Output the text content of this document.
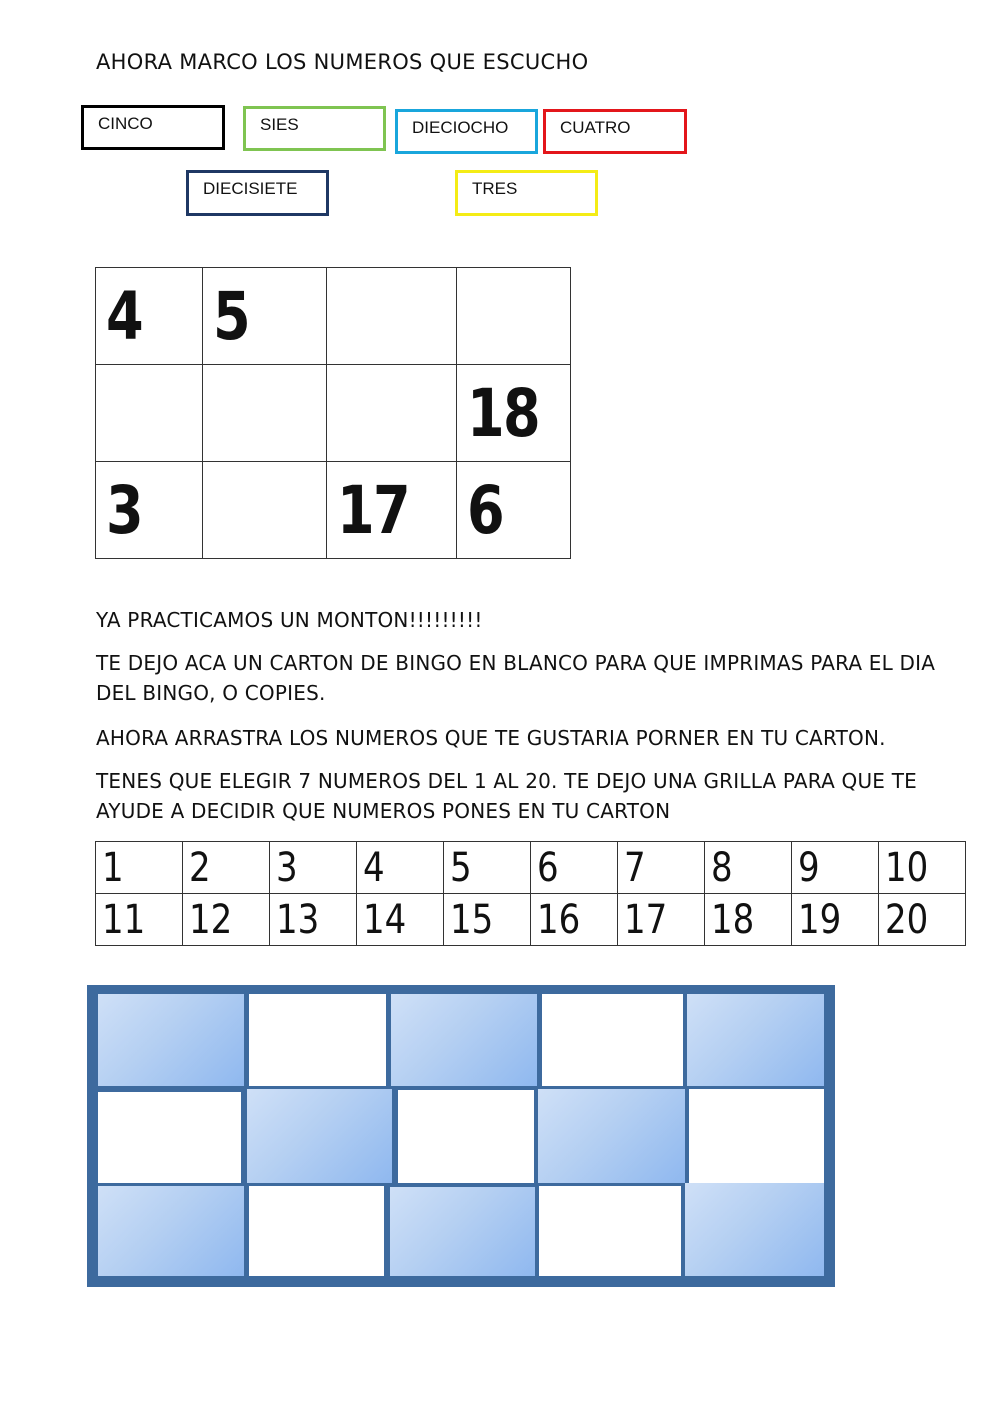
AHORA MARCO LOS NUMEROS QUE ESCUCHO
CINCO	SIES	DIECIOCHO	CUATRO
DIECISIETE	TRES
4	5		
			18
3		17	6
YA PRACTICAMOS UN MONTON!!!!!!!!!
TE DEJO ACA UN CARTON DE BINGO EN BLANCO PARA QUE IMPRIMAS PARA EL DIA DEL BINGO, O COPIES.
AHORA ARRASTRA LOS NUMEROS QUE TE GUSTARIA PORNER EN TU CARTON.
TENES QUE ELEGIR 7 NUMEROS DEL 1 AL 20. TE DEJO UNA GRILLA PARA QUE TE AYUDE A DECIDIR QUE NUMEROS PONES EN TU CARTON
1	2	3	4	5	6	7	8	9	10
11	12	13	14	15	16	17	18	19	20
